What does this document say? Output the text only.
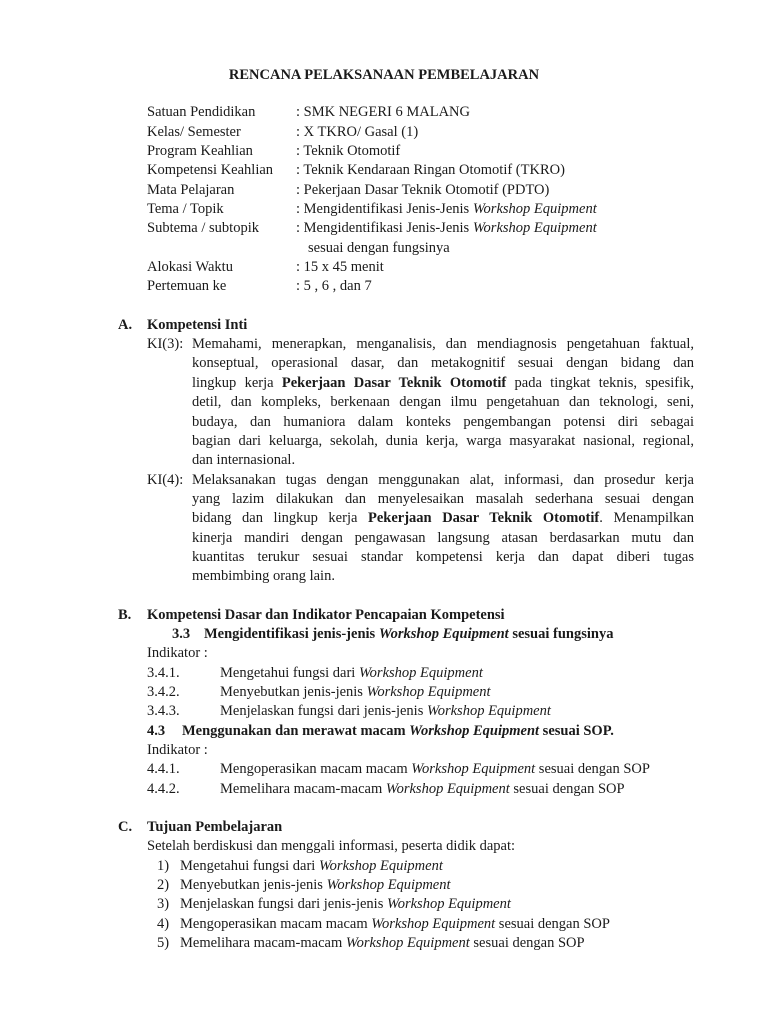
RENCANA PELAKSANAAN PEMBELAJARAN
Satuan Pendidikan	: SMK NEGERI 6 MALANG
Kelas/ Semester	: X TKRO/ Gasal (1)
Program Keahlian	: Teknik Otomotif
Kompetensi Keahlian : Teknik Kendaraan Ringan Otomotif (TKRO)
Mata Pelajaran	: Pekerjaan Dasar Teknik Otomotif (PDTO)
Tema / Topik	: Mengidentifikasi Jenis-Jenis Workshop Equipment
Subtema / subtopik	: Mengidentifikasi Jenis-Jenis Workshop Equipment
sesuai dengan fungsinya
Alokasi Waktu	: 15 x 45 menit
Pertemuan ke	: 5 , 6 , dan 7
A. Kompetensi Inti
KI(3): Memahami, menerapkan, menganalisis, dan mendiagnosis pengetahuan faktual,
konseptual, operasional dasar, dan metakognitif sesuai dengan bidang dan
lingkup kerja Pekerjaan Dasar Teknik Otomotif pada tingkat teknis, spesifik,
detil, dan kompleks, berkenaan dengan ilmu pengetahuan dan teknologi, seni,
budaya, dan humaniora dalam konteks pengembangan potensi diri sebagai
bagian dari keluarga, sekolah, dunia kerja, warga masyarakat nasional, regional,
dan internasional.
KI(4): Melaksanakan tugas dengan menggunakan alat, informasi, dan prosedur kerja
yang lazim dilakukan dan menyelesaikan masalah sederhana sesuai dengan
bidang dan lingkup kerja Pekerjaan Dasar Teknik Otomotif. Menampilkan
kinerja mandiri dengan pengawasan langsung atasan berdasarkan mutu dan
kuantitas terukur sesuai standar kompetensi kerja dan dapat diberi tugas
membimbing orang lain.
B. Kompetensi Dasar dan Indikator Pencapaian Kompetensi
3.3 Mengidentifikasi jenis-jenis Workshop Equipment sesuai fungsinya
Indikator :
3.4.1.	Mengetahui fungsi dari Workshop Equipment
3.4.2.	Menyebutkan jenis-jenis Workshop Equipment
3.4.3.	Menjelaskan fungsi dari jenis-jenis Workshop Equipment
4.3 Menggunakan dan merawat macam Workshop Equipment sesuai SOP.
Indikator :
4.4.1.	Mengoperasikan macam macam Workshop Equipment sesuai dengan SOP
4.4.2.	Memelihara macam-macam Workshop Equipment sesuai dengan SOP
C. Tujuan Pembelajaran
Setelah berdiskusi dan menggali informasi, peserta didik dapat:
1) Mengetahui fungsi dari Workshop Equipment
2) Menyebutkan jenis-jenis Workshop Equipment
3) Menjelaskan fungsi dari jenis-jenis Workshop Equipment
4) Mengoperasikan macam macam Workshop Equipment sesuai dengan SOP
5) Memelihara macam-macam Workshop Equipment sesuai dengan SOP
